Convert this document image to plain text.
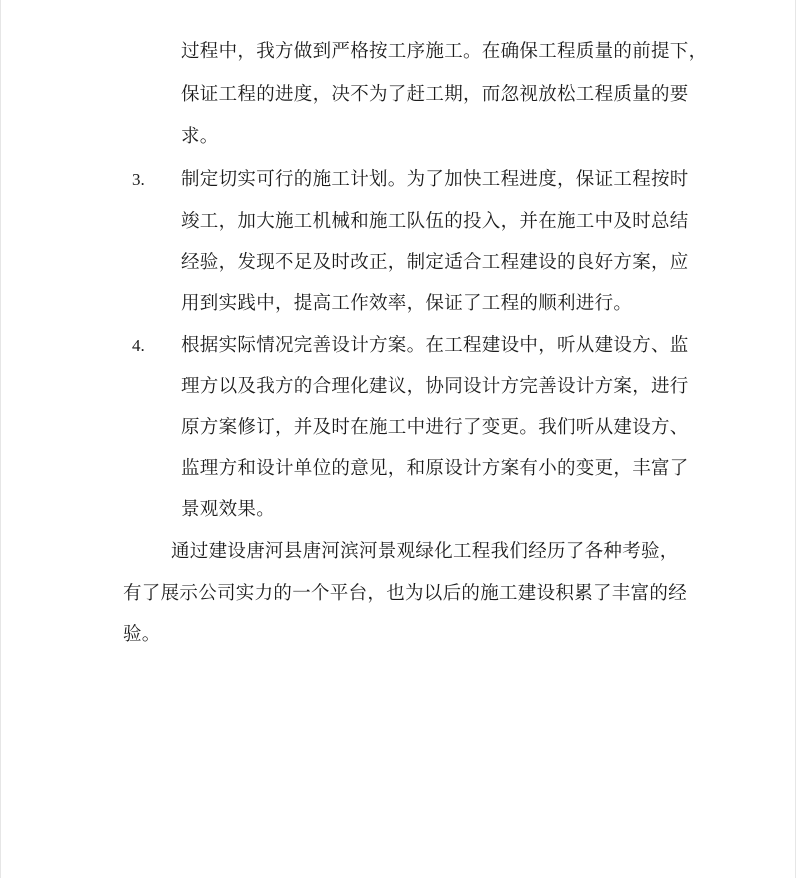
过程中，我方做到严格按工序施工。在确保工程质量的前提下，
保证工程的进度，决不为了赶工期，而忽视放松工程质量的要
求。
3. 制定切实可行的施工计划。为了加快工程进度，保证工程按时
竣工，加大施工机械和施工队伍的投入，并在施工中及时总结
经验，发现不足及时改正，制定适合工程建设的良好方案，应
用到实践中，提高工作效率，保证了工程的顺利进行。
4. 根据实际情况完善设计方案。在工程建设中，听从建设方、监
理方以及我方的合理化建议，协同设计方完善设计方案，进行
原方案修订，并及时在施工中进行了变更。我们听从建设方、
监理方和设计单位的意见，和原设计方案有小的变更，丰富了
景观效果。
通过建设唐河县唐河滨河景观绿化工程我们经历了各种考验，
有了展示公司实力的一个平台，也为以后的施工建设积累了丰富的经
验。
